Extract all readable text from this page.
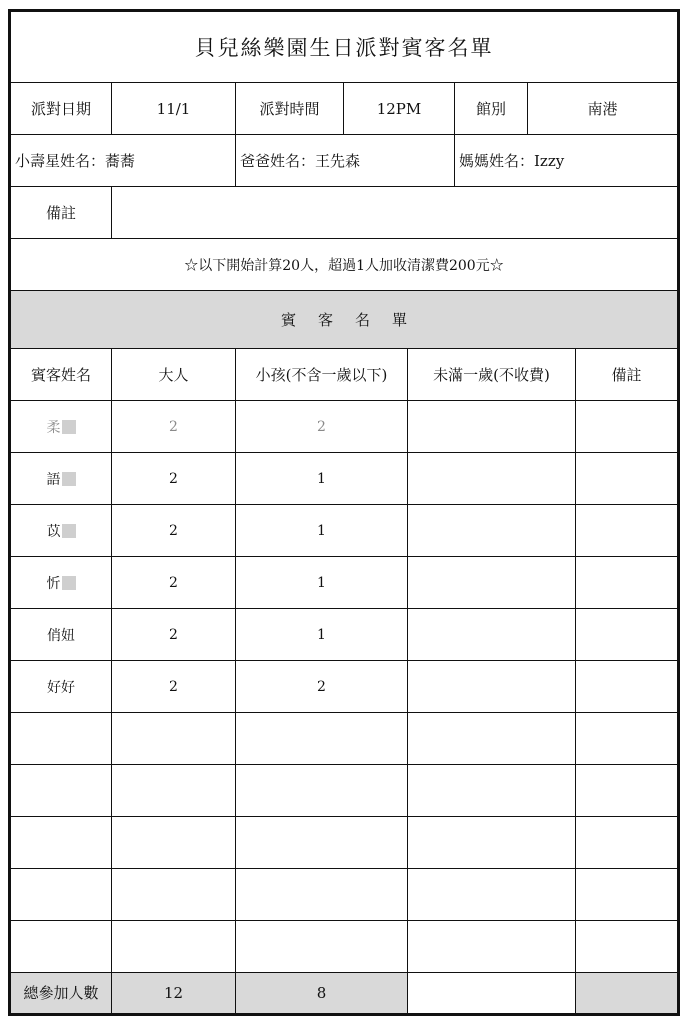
貝兒絲樂園生日派對賓客名單
派對日期	11/1	派對時間	12PM	館別	南港
小壽星姓名：蕎蕎	爸爸姓名：王先森	媽媽姓名：Izzy
備註
☆以下開始計算20人，超過1人加收清潔費200元☆
賓客名單
賓客姓名	大人	小孩(不含一歲以下)	未滿一歲(不收費)	備註
柔	2	2
語	2	1
苡	2	1
忻	2	1
俏妞	2	1
好好	2	2
總參加人數	12	8
